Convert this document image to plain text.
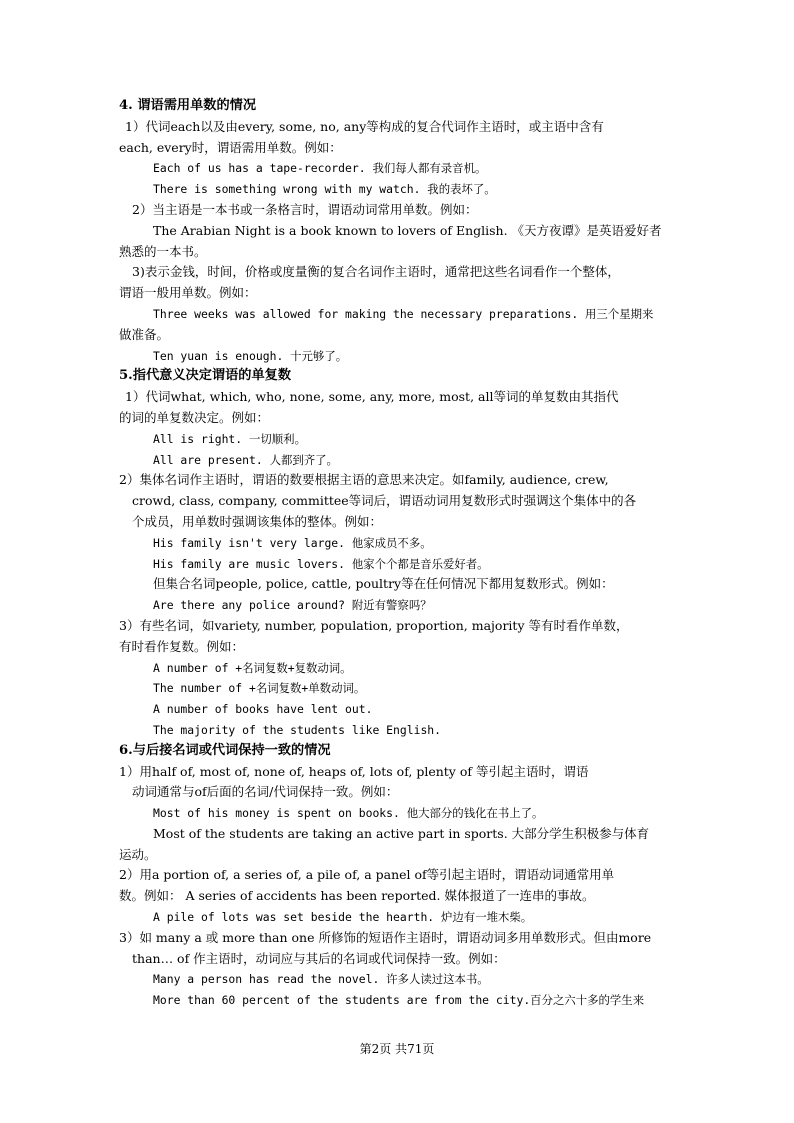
4. 谓语需用单数的情况
1）代词each以及由every, some, no, any等构成的复合代词作主语时，或主语中含有
each, every时，谓语需用单数。例如：
Each of us has a tape-recorder. 我们每人都有录音机。
There is something wrong with my watch. 我的表坏了。
2）当主语是一本书或一条格言时，谓语动词常用单数。例如：
The Arabian Night is a book known to lovers of English. 《天方夜谭》是英语爱好者
熟悉的一本书。
3)表示金钱，时间，价格或度量衡的复合名词作主语时，通常把这些名词看作一个整体，
谓语一般用单数。例如：
Three weeks was allowed for making the necessary preparations. 用三个星期来
做准备。
Ten yuan is enough. 十元够了。
5.指代意义决定谓语的单复数
1）代词what, which, who, none, some, any, more, most, all等词的单复数由其指代
的词的单复数决定。例如：
All is right. 一切顺利。
All are present. 人都到齐了。
2）集体名词作主语时，谓语的数要根据主语的意思来决定。如family, audience, crew,
crowd, class, company, committee等词后，谓语动词用复数形式时强调这个集体中的各
个成员，用单数时强调该集体的整体。例如：
His family isn't very large. 他家成员不多。
His family are music lovers. 他家个个都是音乐爱好者。
但集合名词people, police, cattle, poultry等在任何情况下都用复数形式。例如：
Are there any police around? 附近有警察吗？
3）有些名词，如variety, number, population, proportion, majority 等有时看作单数，
有时看作复数。例如：
A number of +名词复数+复数动词。
The number of +名词复数+单数动词。
A number of books have lent out.
The majority of the students like English.
6.与后接名词或代词保持一致的情况
1）用half of, most of, none of, heaps of, lots of, plenty of 等引起主语时，谓语
动词通常与of后面的名词/代词保持一致。例如：
Most of his money is spent on books. 他大部分的钱化在书上了。
Most of the students are taking an active part in sports. 大部分学生积极参与体育
运动。
2）用a portion of, a series of, a pile of, a panel of等引起主语时，谓语动词通常用单
数。例如： A series of accidents has been reported. 媒体报道了一连串的事故。
A pile of lots was set beside the hearth. 炉边有一堆木柴。
3）如 many a 或 more than one 所修饰的短语作主语时，谓语动词多用单数形式。但由more
than… of 作主语时，动词应与其后的名词或代词保持一致。例如：
Many a person has read the novel. 许多人读过这本书。
More than 60 percent of the students are from the city.百分之六十多的学生来
第2页 共71页
